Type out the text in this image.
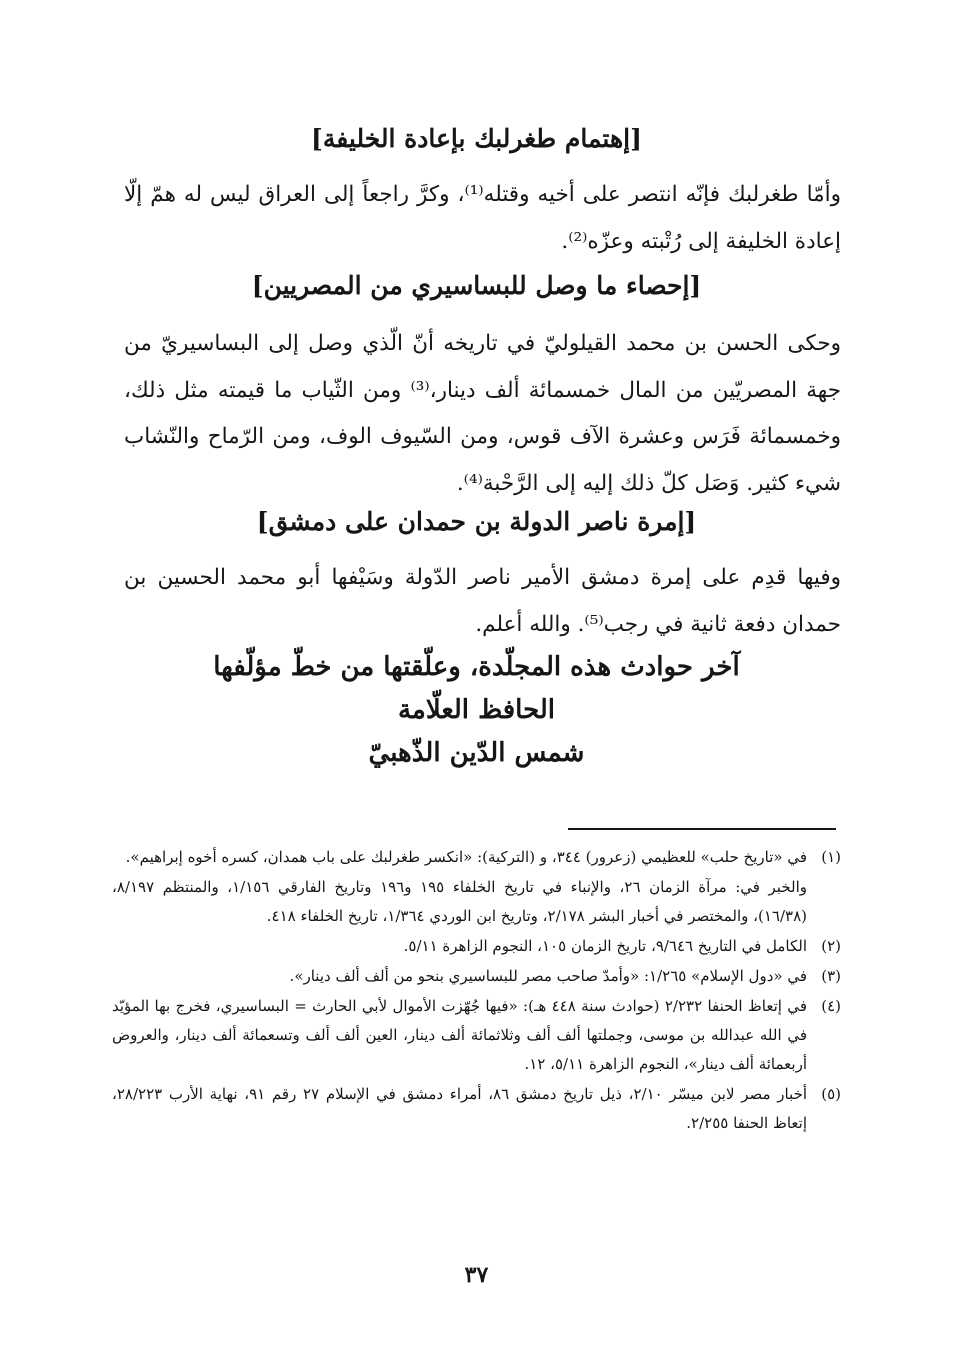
[إهتمام طغرلبك بإعادة الخليفة]
وأمّا طغرلبك فإنّه انتصر على أخيه وقتله⁽¹⁾، وكرَّ راجعاً إلى العراق ليس له همّ إلّا إعادة الخليفة إلى رُتْبته وعزّه⁽²⁾.
[إحصاء ما وصل للبساسيري من المصريين]
وحكى الحسن بن محمد القيلوليّ في تاريخه أنّ الّذي وصل إلى البساسيريّ من جهة المصريّين من المال خمسمائة ألف دينار،⁽³⁾ ومن الثّياب ما قيمته مثل ذلك، وخمسمائة فَرَس وعشرة الآف قوس، ومن السّيوف الوف، ومن الرّماح والنّشاب شيء كثير. وَصَل كلّ ذلك إليه إلى الرَّحْبة⁽⁴⁾.
[إمرة ناصر الدولة بن حمدان على دمشق]
وفيها قدِم على إمرة دمشق الأمير ناصر الدّولة وسَيْفها أبو محمد الحسين بن حمدان دفعة ثانية في رجب⁽⁵⁾. والله أعلم.
آخر حوادث هذه المجلّدة، وعلّقتها من خطّ مؤلّفها
الحافظ العلّامة
شمس الدّين الذّهبيّ
(١)
في «تاريخ حلب» للعظيمي (زعرور) ٣٤٤، و (التركية): «انكسر طغرلبك على باب همدان، كسره أخوه إبراهيم».
والخبر في: مرآة الزمان ٢٦، والإنباء في تاريخ الخلفاء ١٩٥ و١٩٦ وتاريخ الفارقي ١/١٥٦، والمنتظم ٨/١٩٧، (١٦/٣٨)، والمختصر في أخبار البشر ٢/١٧٨، وتاريخ ابن الوردي ١/٣٦٤، تاريخ الخلفاء ٤١٨.
(٢)
الكامل في التاريخ ٩/٦٤٦، تاريخ الزمان ١٠٥، النجوم الزاهرة ٥/١١.
(٣)
في «دول الإسلام» ١/٢٦٥: «وأمدّ صاحب مصر للبساسيري بنحو من ألف ألف دينار».
(٤)
في إتعاظ الحنفا ٢/٢٣٢ (حوادث سنة ٤٤٨ هـ): «فيها جُهّزت الأموال لأبي الحارث = البساسيري، فخرج بها المؤيّد في الله عبدالله بن موسى، وجملتها ألف ألف وثلاثمائة ألف دينار، العين ألف ألف وتسعمائة ألف دينار، والعروض أربعمائة ألف دينار»، النجوم الزاهرة ٥/١١، ١٢.
(٥)
أخبار مصر لابن ميسّر ٢/١٠، ذيل تاريخ دمشق ٨٦، أمراء دمشق في الإسلام ٢٧ رقم ٩١، نهاية الأرب ٢٨/٢٢٣، إتعاظ الحنفا ٢/٢٥٥.
٣٧
